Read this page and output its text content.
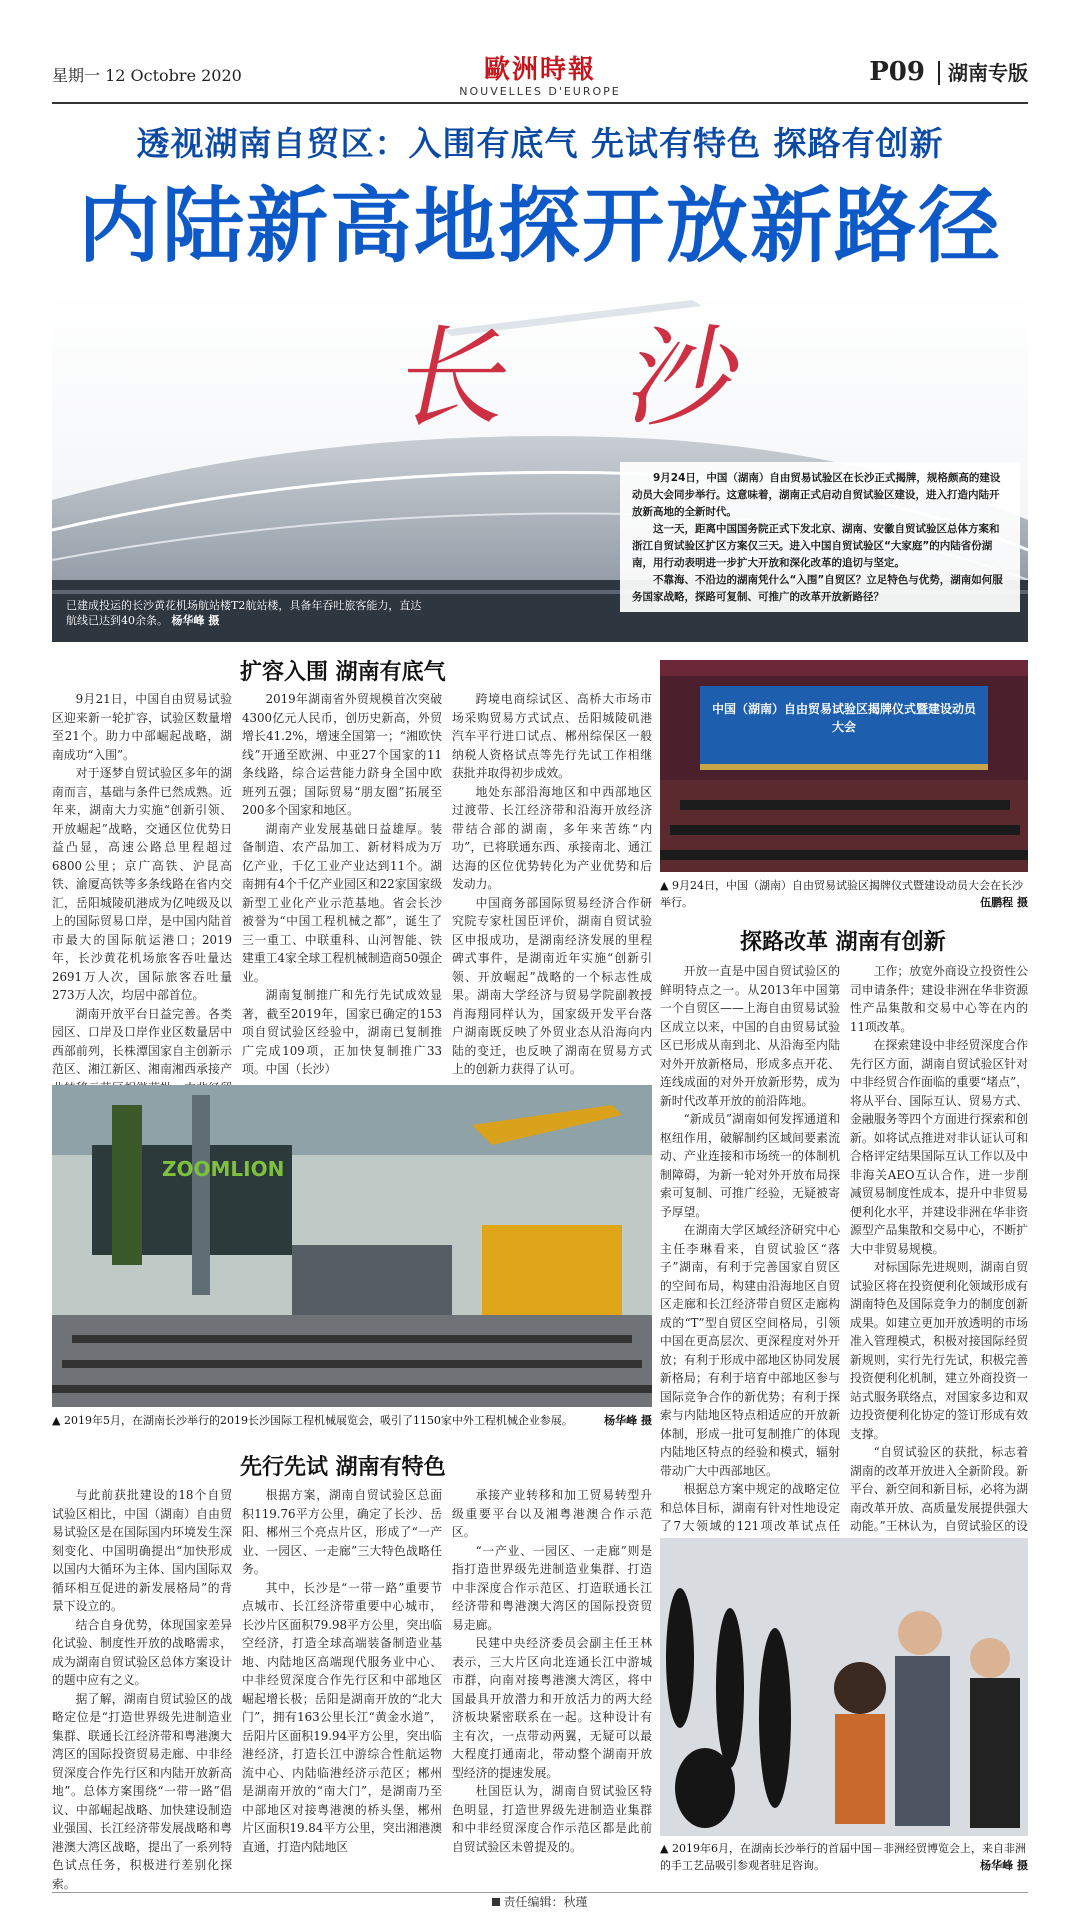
星期一 12 Octobre 2020	歐洲時報
NOUVELLES D'EUROPE
P09 湖南专版
透视湖南自贸区：入围有底气 先试有特色 探路有创新
内陆新高地探开放新路径
长沙
已建成投运的长沙黄花机场航站楼T2航站楼，具备年吞吐旅客能力，直达航线已达到40余条。 杨华峰 摄

9月24日，中国（湖南）自由贸易试验区在长沙正式揭牌，规格颇高的建设动员大会同步举行。这意味着，湖南正式启动自贸试验区建设，进入打造内陆开放新高地的全新时代。

这一天，距离中国国务院正式下发北京、湖南、安徽自贸试验区总体方案和浙江自贸试验区扩区方案仅三天。进入中国自贸试验区“大家庭”的内陆省份湖南，用行动表明进一步扩大开放和深化改革的追切与坚定。

不靠海、不沿边的湖南凭什么“入围”自贸区？立足特色与优势，湖南如何服务国家战略，探路可复制、可推广的改革开放新路径？

扩容入围 湖南有底气

9月21日，中国自由贸易试验区迎来新一轮扩容，试验区数量增至21个。助力中部崛起战略，湖南成功“入围”。

对于逐梦自贸试验区多年的湖南而言，基础与条件已然成熟。近年来，湖南大力实施“创新引领、开放崛起”战略，交通区位优势日益凸显，高速公路总里程超过6800公里；京广高铁、沪昆高铁、渝厦高铁等多条线路在省内交汇，岳阳城陵矶港成为亿吨级及以上的国际贸易口岸，是中国内陆首市最大的国际航运港口；2019年，长沙黄花机场旅客吞吐量达2691万人次，国际旅客吞吐量273万人次，均居中部首位。

湖南开放平台日益完善。各类园区、口岸及口岸作业区数量居中西部前列，长株潭国家自主创新示范区、湘江新区、湘南湘西承接产

2019年湖南省外贸规模首次突破4300亿元人民币，创历史新高，外贸增长41.2%，增速全国第一；“湘欧快线”开通至欧洲、中亚27个国家的11条线路，综合运营能力跻身全国中欧班列五强；国际贸易“朋友圈”拓展至200多个国家和地区。

湖南产业发展基础日益雄厚。装备制造、农产品加工、新材料成为万亿产业，千亿工业产业达到11个。湖南拥有4个千亿产业园区和22家国家级新型工业化产业示范基地。省会长沙被誉为“中国工程机械之都”，诞生了三一重工、中联重科、山河智能、铁建重工4家全球工程机械制造商50强企业。

湖南复制推广和先行先试成效显著，截至2019年，国家已确定的153项自贸试验区经验中，湖南已复制推广完成109项，正加快复制推广33项。中国（长沙）

跨境电商综试区、高桥大市场市场采购贸易方式试点、岳阳城陵矶港汽车平行进口试点、郴州综保区一般纳税人资格试点等先行先试工作相继获批并取得初步成效。

地处东部沿海地区和中西部地区过渡带、长江经济带和沿海开放经济带结合部的湖南，多年来苦练“内功”，已将联通东西、承接南北、通江达海的区位优势转化为产业优势和后发动力。

中国商务部国际贸易经济合作研究院专家杜国臣评价，湖南自贸试验区申报成功，是湖南经济发展的里程碑式事件，是湖南近年实施“创新引领、开放崛起”战略的一个标志性成果。湖南大学经济与贸易学院副教授肖海翔同样认为，国家级开发平台落户湖南既反映了外贸业态从沿海向内陆的变迁，也反映了湖南在贸易方式上的创新力获得了认可。

中国（湖南）自由贸易试验区揭牌仪式暨建设动员大会
▲ 9月24日，中国（湖南）自由贸易试验区揭牌仪式暨建设动员大会在长沙举行。	伍鹏程 摄
探路改革 湖南有创新

开放一直是中国自贸试验区的鲜明特点之一。从2013年中国第一个自贸区——上海自由贸易试验区成立以来，中国的自由贸易试验区已形成从南到北、从沿海至内陆对外开放新格局，形成多点开花、连线成面的对外开放新形势，成为新时代改革开放的前沿阵地。

“新成员”湖南如何发挥通道和枢纽作用，破解制约区域间要素流动、产业连接和市场统一的体制机制障碍，为新一轮对外开放布局探索可复制、可推广经验，无疑被寄予厚望。

在湖南大学区域经济研究中心主任李琳看来，自贸试验区“落子”湖南，有利于完善国家自贸区的空间布局，构建由沿海地区自贸区走廊和长江经济带自贸区走廊构成的“T”型自贸区空间格局，引领中国在更高层次、更深程度对外开放；有利于形成中部地区协同发展新格局；有利于培育中部地区参与国际竞争合作的新优势；有利于探索与内陆地区特点相适应的开放新体制，形成一批可复制推广的体现内陆地区特点的经验和模式，辐射带动广大中西部地区。

根据总方案中规定的战略定位和总体目标，湖南有针对性地设定了7大领域的121项改革试点任

工作；放宽外商设立投资性公司申请条件；建设非洲在华非资源性产品集散和交易中心等在内的11项改革。

在探索建设中非经贸深度合作先行区方面，湖南自贸试验区针对中非经贸合作面临的重要“堵点”，将从平台、国际互认、贸易方式、金融服务等四个方面进行探索和创新。如将试点推进对非认证认可和合格评定结果国际互认工作以及中非海关AEO互认合作，进一步削减贸易制度性成本，提升中非贸易便利化水平，并建设非洲在华非资源型产品集散和交易中心，不断扩大中非贸易规模。

对标国际先进规则，湖南自贸试验区将在投资便利化领域形成有湖南特色及国际竞争力的制度创新成果。如建立更加开放透明的市场准入管理模式，积极对接国际经贸新规则，实行先行先试，积极完善投资便利化机制，建立外商投资一站式服务联络点，对国家多边和双边投资便利化协定的签订形成有效支撑。

“自贸试验区的获批，标志着湖南的改革开放进入全新阶段。新平台、新空间和新目标，必将为湖南改革开放、高质量发展提供强大动能。”王林认为，自贸试验区的设

ZOOMLION
▲ 2019年5月，在湖南长沙举行的2019长沙国际工程机械展览会，吸引了1150家中外工程机械企业参展。	杨华峰 摄
先行先试 湖南有特色

与此前获批建设的18个自贸试验区相比，中国（湖南）自由贸易试验区是在国际国内环境发生深刻变化、中国明确提出“加快形成以国内大循环为主体、国内国际双循环相互促进的新发展格局”的背景下设立的。

结合自身优势，体现国家差异化试验、制度性开放的战略需求，成为湖南自贸试验区总体方案设计的题中应有之义。

据了解，湖南自贸试验区的战略定位是“打造世界级先进制造业集群、联通长江经济带和粤港澳大湾区的国际投资贸易走廊、中非经贸深度合作先行区和内陆开放新高地”。总体方案围绕“一带一路”倡议、中部崛起战略、加快建设制造业强国、长江经济带发展战略和粤港澳大湾区战略，提出了一系列特色试点任务，积极进行差别化探索。

根据方案，湖南自贸试验区总面积119.76平方公里，确定了长沙、岳阳、郴州三个亮点片区，形成了“一产业、一园区、一走廊”三大特色战略任务。

其中，长沙是“一带一路”重要节点城市、长江经济带重要中心城市，长沙片区面积79.98平方公里，突出临空经济，打造全球高端装备制造业基地、内陆地区高端现代服务业中心、中非经贸深度合作先行区和中部地区崛起增长极；岳阳是湖南开放的“北大门”，拥有163公里长江“黄金水道”，岳阳片区面积19.94平方公里，突出临港经济，打造长江中游综合性航运物流中心、内陆临港经济示范区；郴州是湖南开放的“南大门”，是湖南乃至中部地区对接粤港澳的桥头堡，郴州片区面积19.84平方公里，突出湘港澳直通，打造内陆地区

承接产业转移和加工贸易转型升级重要平台以及湘粤港澳合作示范区。

“一产业、一园区、一走廊”则是指打造世界级先进制造业集群、打造中非深度合作示范区、打造联通长江经济带和粤港澳大湾区的国际投资贸易走廊。

民建中央经济委员会副主任王林表示，三大片区向北连通长江中游城市群，向南对接粤港澳大湾区，将中国最具开放潜力和开放活力的两大经济板块紧密联系在一起。这种设计有主有次，一点带动两翼，无疑可以最大程度打通南北，带动整个湖南开放型经济的提速发展。

杜国臣认为，湖南自贸试验区特色明显，打造世界级先进制造业集群和中非经贸深度合作示范区都是此前自贸试验区未曾提及的。	▲ 2019年6月，在湖南长沙举行的首届中国－非洲经贸博览会上，来自非洲的手工艺品吸引参观者驻足咨询。	杨华峰 摄
责任编辑：秋瑾
